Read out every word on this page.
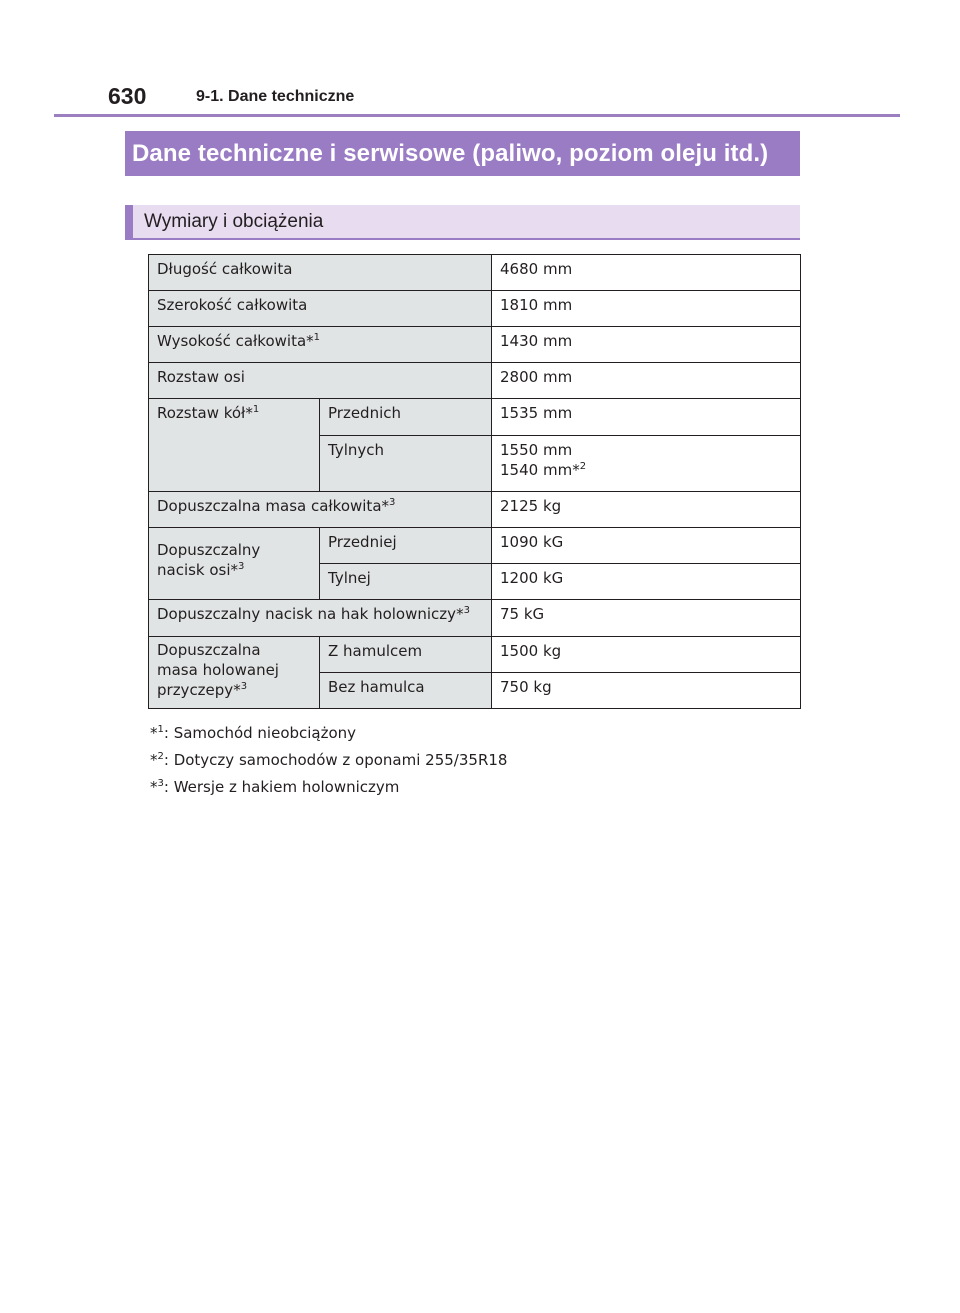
630	9-1. Dane techniczne
Dane techniczne i serwisowe (paliwo, poziom oleju itd.)
Wymiary i obciążenia
Długość całkowita		4680 mm
Szerokość całkowita		1810 mm
Wysokość całkowita*$^1$		1430 mm
Rozstaw osi		2800 mm
Rozstaw kół*$^1$	Przednich	1535 mm
	Tylnych	1550 mm
1540 mm*$^2$

Dopuszczalna masa całkowita*$^3$		2125 kg

Dopuszczalny
nacisk osi*$^3$	Przedniej	1090 kG
	Tylnej	1200 kG
Dopuszczalny nacisk na hak holowniczy*$^3$		75 kG

Dopuszczalna
masa holowanej
przyczepy*$^3$	Z hamulcem	1500 kg
	Bez hamulca	750 kg
*$^1$: Samochód nieobciążony
*$^2$: Dotyczy samochodów z oponami 255/35R18
*$^3$: Wersje z hakiem holowniczym
